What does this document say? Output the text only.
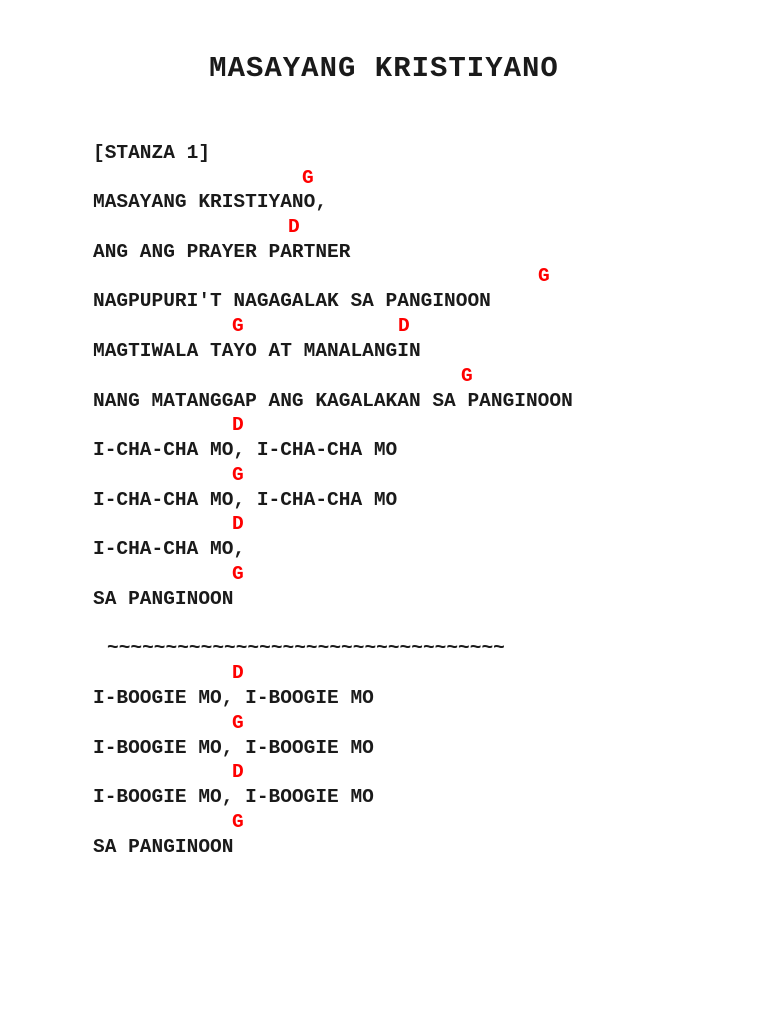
MASAYANG KRISTIYANO
[STANZA 1]
G
MASAYANG KRISTIYANO,
D
ANG ANG PRAYER PARTNER
G
NAGPUPURI'T NAGAGALAK SA PANGINOON
G	D
MAGTIWALA TAYO AT MANALANGIN
G
NANG MATANGGAP ANG KAGALAKAN SA PANGINOON
D
I-CHA-CHA MO, I-CHA-CHA MO
G
I-CHA-CHA MO, I-CHA-CHA MO
D
I-CHA-CHA MO,
G
SA PANGINOON
~~~~~~~~~~~~~~~~~~~~~~~~~~~~~~~~~~
D
I-BOOGIE MO, I-BOOGIE MO
G
I-BOOGIE MO, I-BOOGIE MO
D
I-BOOGIE MO, I-BOOGIE MO
G
SA PANGINOON
